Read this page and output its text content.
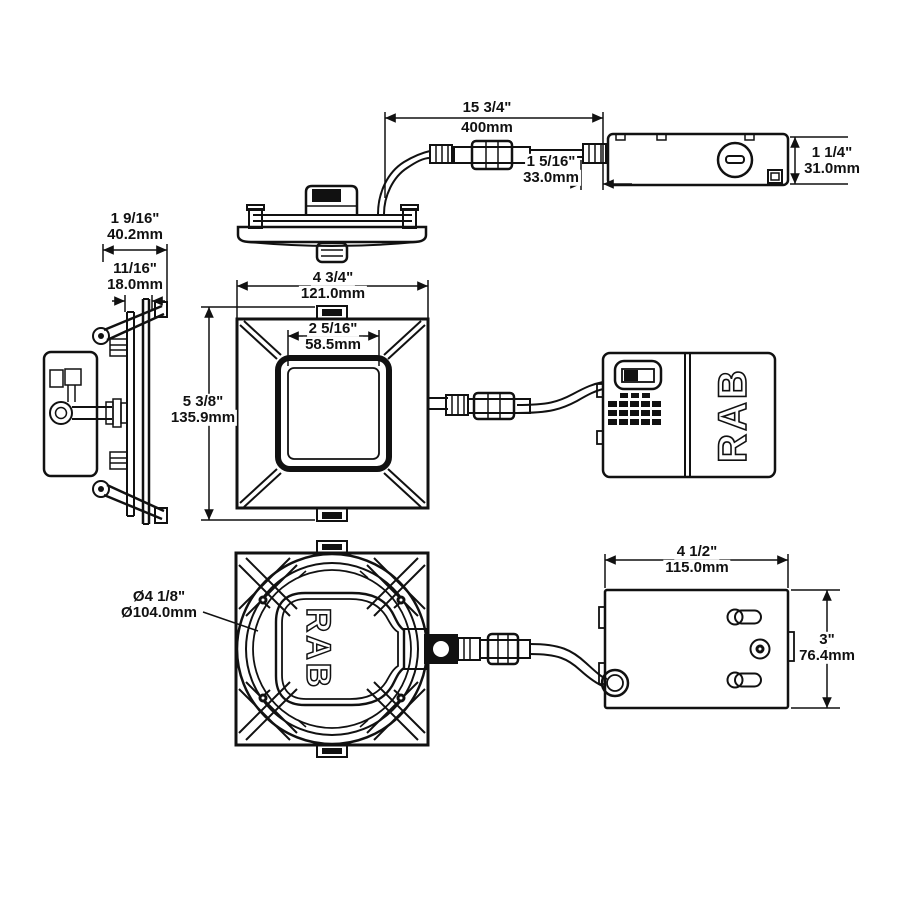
RAB
RAB
15 3/4"
400mm
1 5/16"
33.0mm
1 1/4"
31.0mm
1 9/16"
40.2mm
11/16"
18.0mm	4 3/4"
121.0mm
2 5/16"
58.5mm
5 3/8"
135.9mm
Ø4 1/8"
Ø104.0mm
4 1/2"
115.0mm
3"
76.4mm
